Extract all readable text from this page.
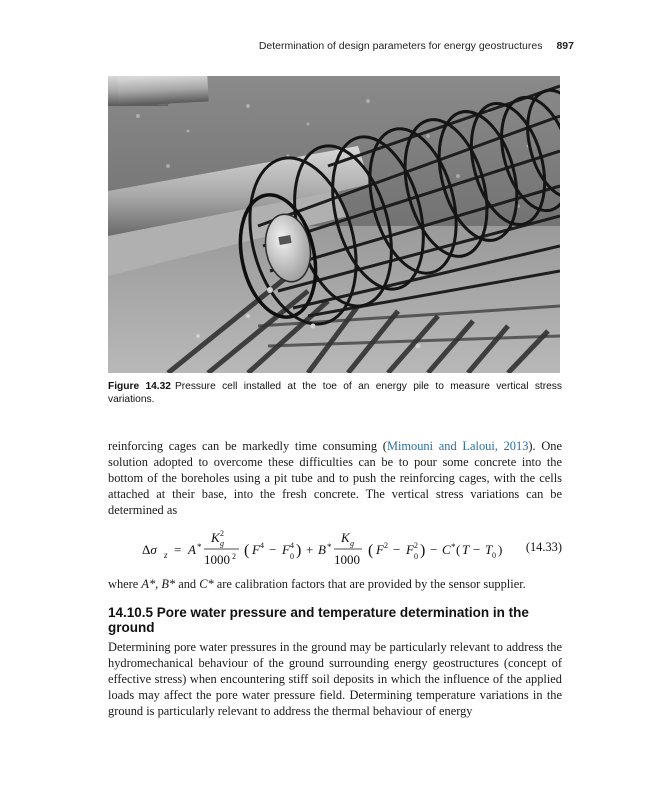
Determination of design parameters for energy geostructures 897
Figure 14.32 Pressure cell installed at the toe of an energy pile to measure vertical stress variations.
reinforcing cages can be markedly time consuming (Mimouni and Laloui, 2013). One solution adopted to overcome these difficulties can be to pour some concrete into the bottom of the boreholes using a pit tube and to push the reinforcing cages, with the cells attached at their base, into the fresh concrete. The vertical stress variations can be determined as
Δσ z = A *
K 2
g
1000 2 ( F 4 − F 4
0 ) + B *
K g
1000
( F 2 − F 2
0 ) − C * ( T − T 0 ) (14.33)
where A*, B* and C* are calibration factors that are provided by the sensor supplier.
14.10.5 Pore water pressure and temperature determination in the ground

Determining pore water pressures in the ground may be particularly relevant to address the hydromechanical behaviour of the ground surrounding energy geostructures (concept of effective stress) when encountering stiff soil deposits in which the influence of the applied loads may affect the pore water pressure field. Determining temperature variations in the ground is particularly relevant to address the thermal behaviour of energy
